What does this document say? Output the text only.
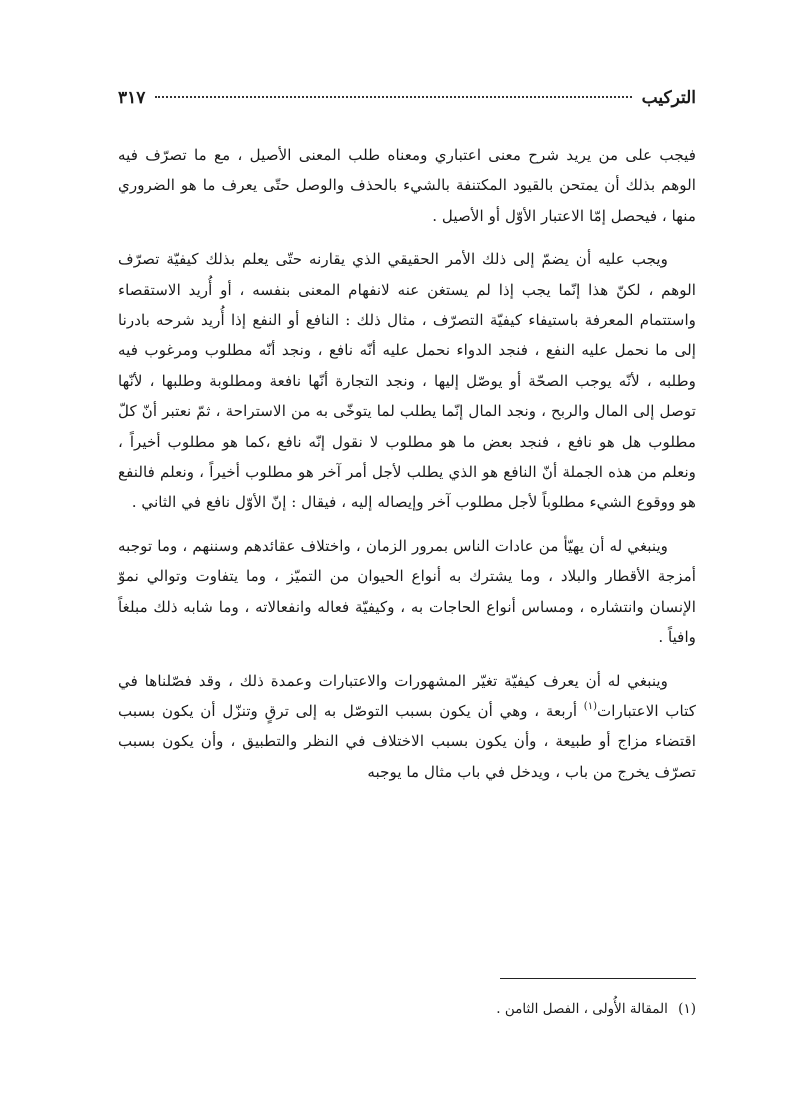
التركيب
٣١٧

فيجب على من يريد شرح معنى اعتباري ومعناه طلب المعنى الأصيل ، مع ما تصرّف فيه الوهم بذلك أن يمتحن بالقيود المكتنفة بالشيء بالحذف والوصل حتّى يعرف ما هو الضروري منها ، فيحصل إمّا الاعتبار الأوّل أو الأصيل .

ويجب عليه أن يضمّ إلى ذلك الأمر الحقيقي الذي يقارنه حتّى يعلم بذلك كيفيّة تصرّف الوهم ، لكنّ هذا إنّما يجب إذا لم يستغن عنه لانفهام المعنى بنفسه ، أو أُريد الاستقصاء واستتمام المعرفة باستيفاء كيفيّة التصرّف ، مثال ذلك : النافع أو النفع إذا أُريد شرحه بادرنا إلى ما نحمل عليه النفع ، فنجد الدواء نحمل عليه أنّه نافع ، ونجد أنّه مطلوب ومرغوب فيه وطلبه ، لأنّه يوجب الصحّة أو يوصّل إليها ، ونجد التجارة أنّها نافعة ومطلوبة وطلبها ، لأنّها توصل إلى المال والربح ، ونجد المال إنّما يطلب لما يتوخّى به من الاستراحة ، ثمّ نعتبر أنّ كلّ مطلوب هل هو نافع ، فنجد بعض ما هو مطلوب لا نقول إنّه نافع ،كما هو مطلوب أخيراً ، ونعلم من هذه الجملة أنّ النافع هو الذي يطلب لأجل أمر آخر هو مطلوب أخيراً ، ونعلم فالنفع هو ووقوع الشيء مطلوباً لأجل مطلوب آخر وإيصاله إليه ، فيقال : إنّ الأوّل نافع في الثاني .

وينبغي له أن يهيّأ من عادات الناس بمرور الزمان ، واختلاف عقائدهم وسننهم ، وما توجبه أمزجة الأقطار والبلاد ، وما يشترك به أنواع الحيوان من التميّز ، وما يتفاوت وتوالي نموّ الإنسان وانتشاره ، ومساس أنواع الحاجات به ، وكيفيّة فعاله وانفعالاته ، وما شابه ذلك مبلغاً وافياً .

وينبغي له أن يعرف كيفيّة تغيّر المشهورات والاعتبارات وعمدة ذلك ، وقد فصّلناها في كتاب الاعتبارات$^{(١)}$ أربعة ، وهي أن يكون بسبب التوصّل به إلى ترقٍ وتنزّل أن يكون بسبب اقتضاء مزاج أو طبيعة ، وأن يكون بسبب الاختلاف في النظر والتطبيق ، وأن يكون بسبب تصرّف يخرج من باب ، ويدخل في باب مثال ما يوجبه

(١) المقالة الأُولى ، الفصل الثامن .
